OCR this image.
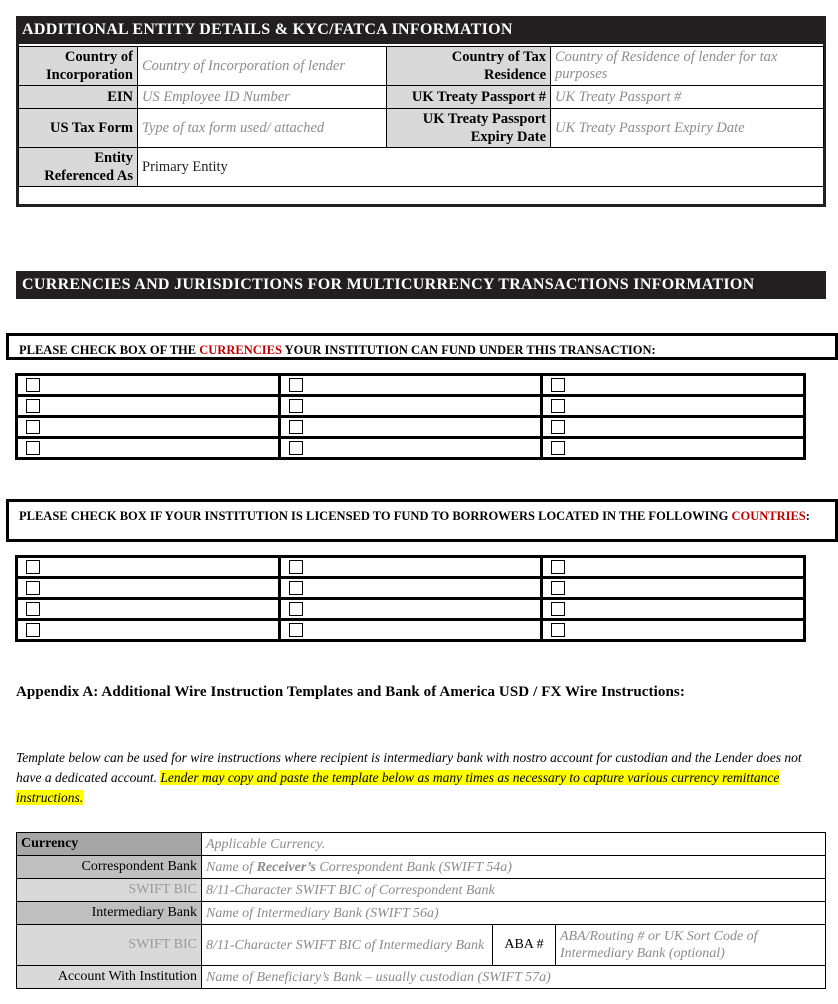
ADDITIONAL ENTITY DETAILS & KYC/FATCA INFORMATION
Country of Incorporation	Country of Incorporation of lender	Country of Tax Residence	Country of Residence of lender for tax purposes
EIN	US Employee ID Number	UK Treaty Passport #	UK Treaty Passport #
US Tax Form	Type of tax form used/ attached	UK Treaty Passport Expiry Date	UK Treaty Passport Expiry Date
Entity Referenced As	Primary Entity		
CURRENCIES AND JURISDICTIONS FOR MULTICURRENCY TRANSACTIONS INFORMATION
PLEASE CHECK BOX OF THE CURRENCIES YOUR INSTITUTION CAN FUND UNDER THIS TRANSACTION:

PLEASE CHECK BOX IF YOUR INSTITUTION IS LICENSED TO FUND TO BORROWERS LOCATED IN THE FOLLOWING COUNTRIES:

Appendix A: Additional Wire Instruction Templates and Bank of America USD / FX Wire Instructions:
Template below can be used for wire instructions where recipient is intermediary bank with nostro account for custodian and the Lender does not have a dedicated account. Lender may copy and paste the template below as many times as necessary to capture various currency remittance instructions.
Currency	Applicable Currency.		
Correspondent Bank	Name of Receiver’s Correspondent Bank (SWIFT 54a)		
SWIFT BIC	8/11-Character SWIFT BIC of Correspondent Bank		
Intermediary Bank	Name of Intermediary Bank (SWIFT 56a)		
SWIFT BIC	8/11-Character SWIFT BIC of Intermediary Bank	ABA #	ABA/Routing # or UK Sort Code of Intermediary Bank (optional)
Account With Institution	Name of Beneficiary’s Bank – usually custodian (SWIFT 57a)		
